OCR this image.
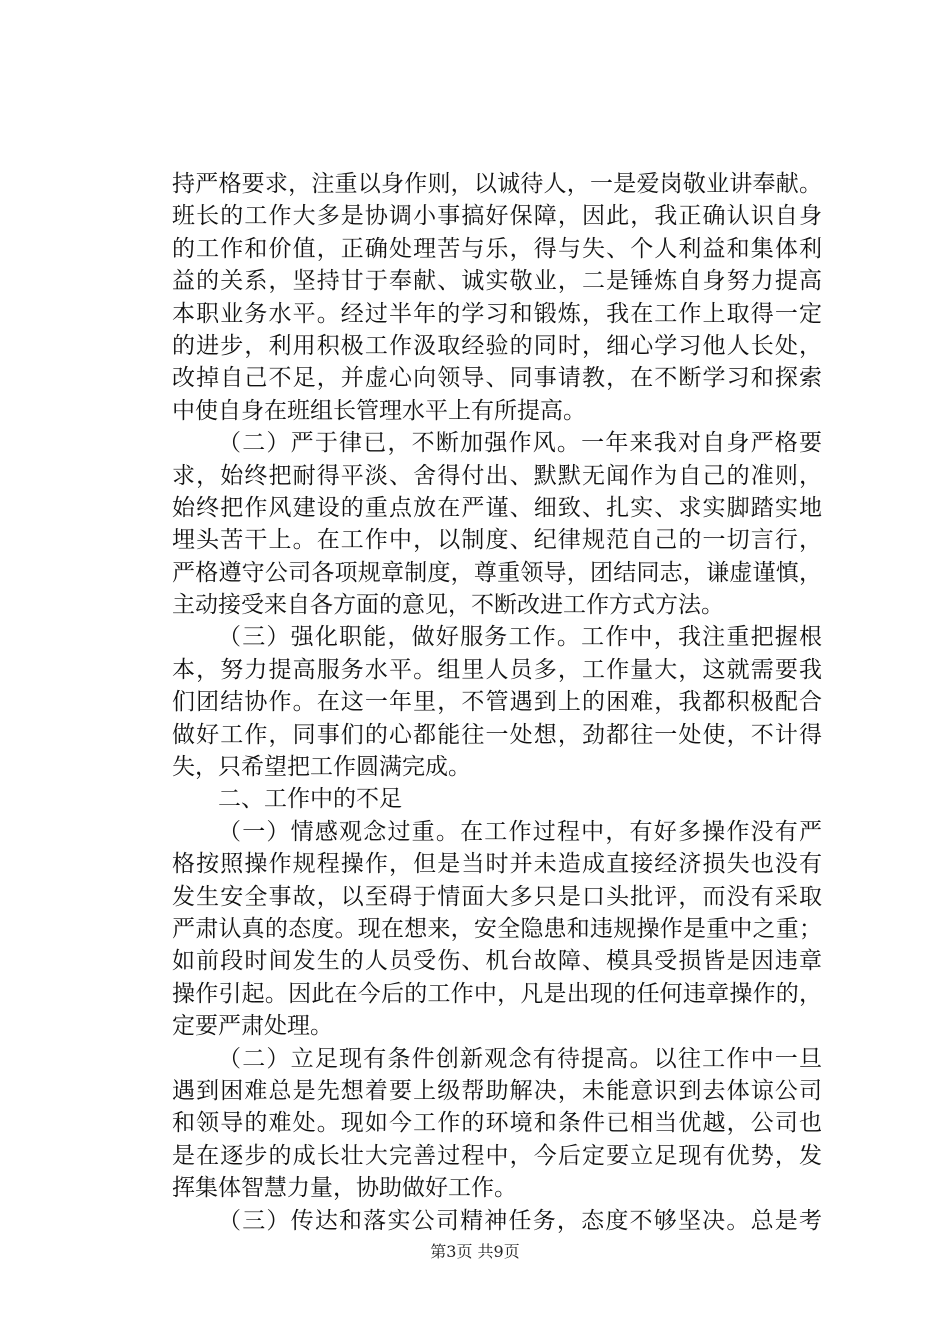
持严格要求，注重以身作则，以诚待人，一是爱岗敬业讲奉献。
班长的工作大多是协调小事搞好保障，因此，我正确认识自身
的工作和价值，正确处理苦与乐，得与失、个人利益和集体利
益的关系，坚持甘于奉献、诚实敬业，二是锤炼自身努力提高
本职业务水平。经过半年的学习和锻炼，我在工作上取得一定
的进步，利用积极工作汲取经验的同时，细心学习他人长处，
改掉自己不足，并虚心向领导、同事请教，在不断学习和探索
中使自身在班组长管理水平上有所提高。
（二）严于律已，不断加强作风。一年来我对自身严格要
求，始终把耐得平淡、舍得付出、默默无闻作为自己的准则，
始终把作风建设的重点放在严谨、细致、扎实、求实脚踏实地
埋头苦干上。在工作中，以制度、纪律规范自己的一切言行，
严格遵守公司各项规章制度，尊重领导，团结同志，谦虚谨慎，
主动接受来自各方面的意见，不断改进工作方式方法。
（三）强化职能，做好服务工作。工作中，我注重把握根
本，努力提高服务水平。组里人员多，工作量大，这就需要我
们团结协作。在这一年里，不管遇到上的困难，我都积极配合
做好工作，同事们的心都能往一处想，劲都往一处使，不计得
失，只希望把工作圆满完成。
二、工作中的不足
（一）情感观念过重。在工作过程中，有好多操作没有严
格按照操作规程操作，但是当时并未造成直接经济损失也没有
发生安全事故，以至碍于情面大多只是口头批评，而没有采取
严肃认真的态度。现在想来，安全隐患和违规操作是重中之重；
如前段时间发生的人员受伤、机台故障、模具受损皆是因违章
操作引起。因此在今后的工作中，凡是出现的任何违章操作的，
定要严肃处理。
（二）立足现有条件创新观念有待提高。以往工作中一旦
遇到困难总是先想着要上级帮助解决，未能意识到去体谅公司
和领导的难处。现如今工作的环境和条件已相当优越，公司也
是在逐步的成长壮大完善过程中，今后定要立足现有优势，发
挥集体智慧力量，协助做好工作。
（三）传达和落实公司精神任务，态度不够坚决。总是考
第3页 共9页
